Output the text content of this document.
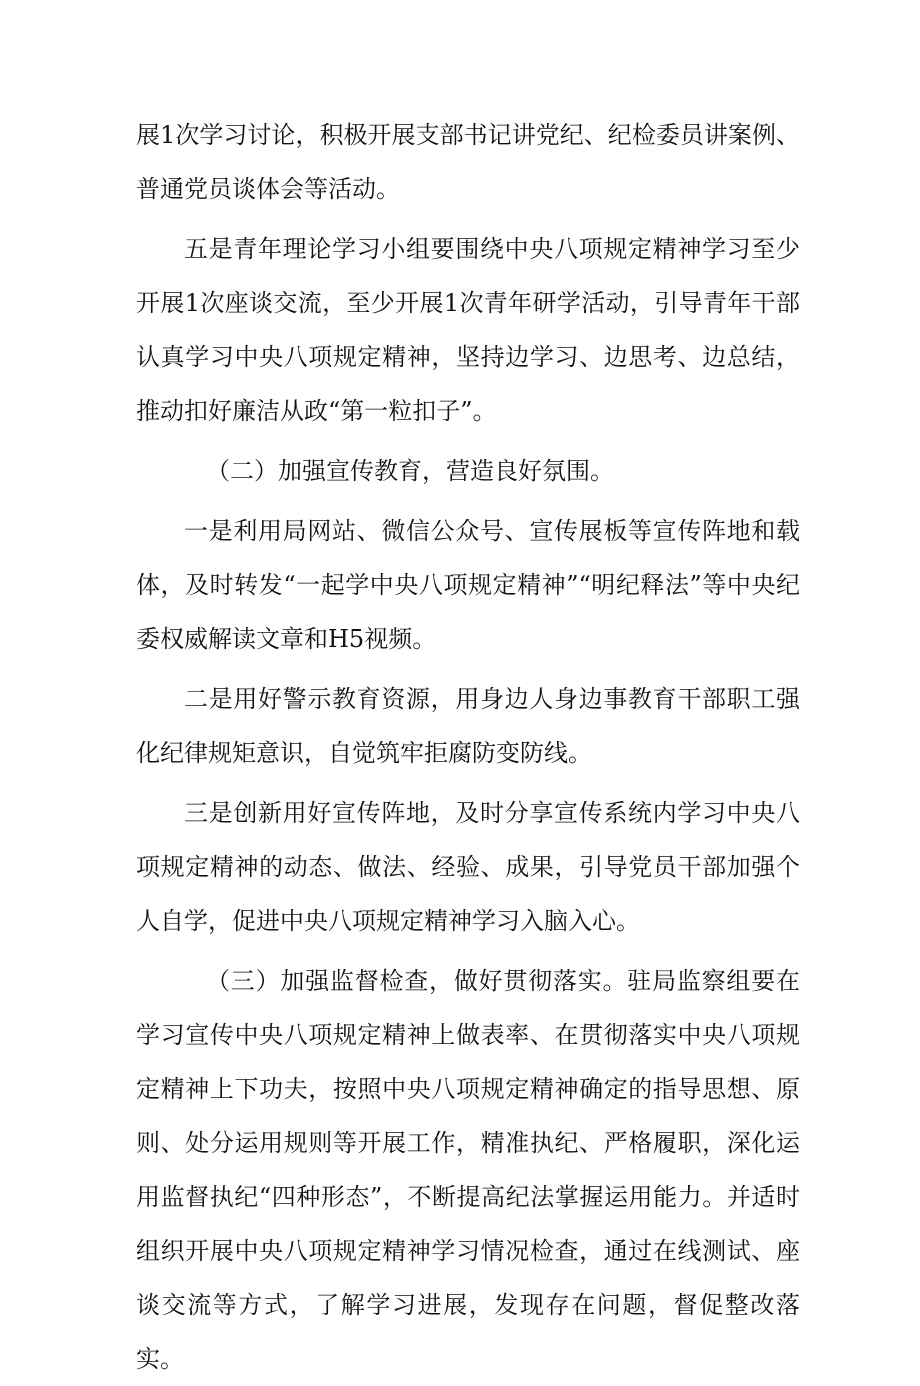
展1次学习讨论，积极开展支部书记讲党纪、纪检委员讲案例、普通党员谈体会等活动。

五是青年理论学习小组要围绕中央八项规定精神学习至少开展1次座谈交流，至少开展1次青年研学活动，引导青年干部认真学习中央八项规定精神，坚持边学习、边思考、边总结，推动扣好廉洁从政“第一粒扣子”。

（二）加强宣传教育，营造良好氛围。

一是利用局网站、微信公众号、宣传展板等宣传阵地和载体，及时转发“一起学中央八项规定精神”“明纪释法”等中央纪委权威解读文章和H5视频。

二是用好警示教育资源，用身边人身边事教育干部职工强化纪律规矩意识，自觉筑牢拒腐防变防线。

三是创新用好宣传阵地，及时分享宣传系统内学习中央八项规定精神的动态、做法、经验、成果，引导党员干部加强个人自学，促进中央八项规定精神学习入脑入心。

（三）加强监督检查，做好贯彻落实。驻局监察组要在学习宣传中央八项规定精神上做表率、在贯彻落实中央八项规定精神上下功夫，按照中央八项规定精神确定的指导思想、原则、处分运用规则等开展工作，精准执纪、严格履职，深化运用监督执纪“四种形态”，不断提高纪法掌握运用能力。并适时组织开展中央八项规定精神学习情况检查，通过在线测试、座谈交流等方式，了解学习进展，发现存在问题，督促整改落实。
